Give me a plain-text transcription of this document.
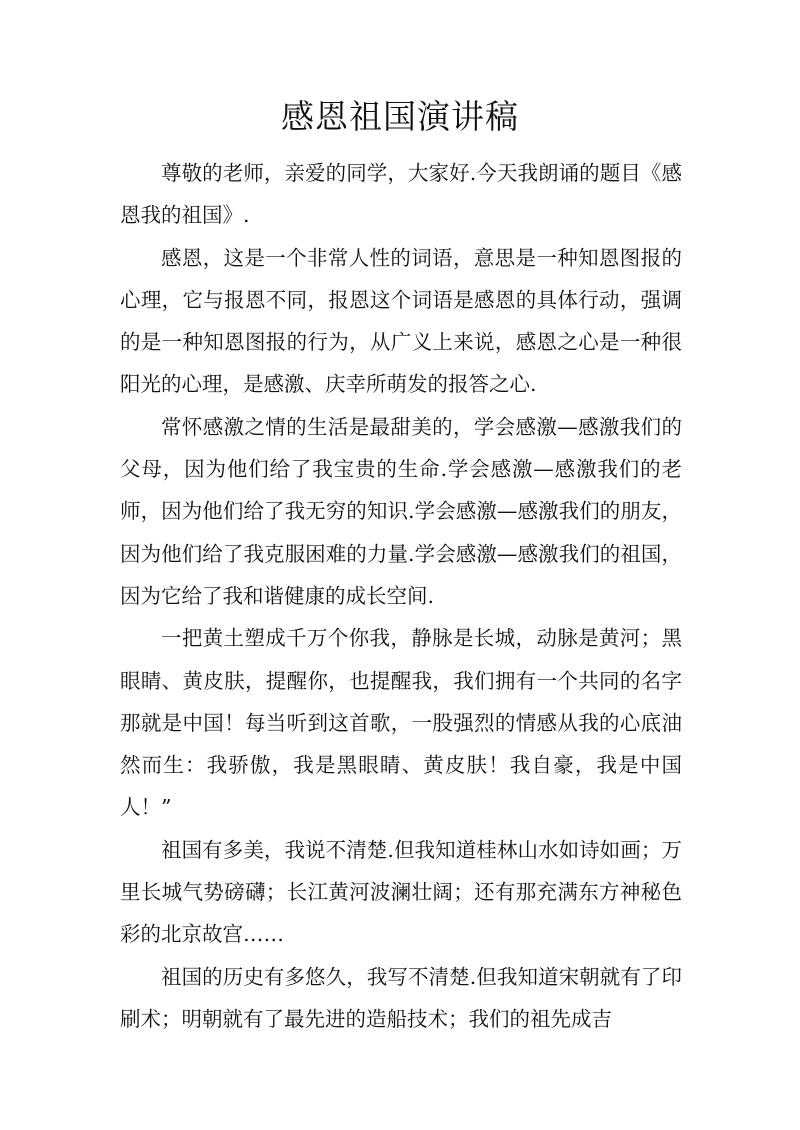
感恩祖国演讲稿

尊敬的老师，亲爱的同学，大家好.今天我朗诵的题目《感恩我的祖国》.

感恩，这是一个非常人性的词语，意思是一种知恩图报的心理，它与报恩不同，报恩这个词语是感恩的具体行动，强调的是一种知恩图报的行为，从广义上来说，感恩之心是一种很阳光的心理，是感激、庆幸所萌发的报答之心.

常怀感激之情的生活是最甜美的，学会感激—感激我们的父母，因为他们给了我宝贵的生命.学会感激—感激我们的老师，因为他们给了我无穷的知识.学会感激—感激我们的朋友，因为他们给了我克服困难的力量.学会感激—感激我们的祖国，因为它给了我和谐健康的成长空间.

一把黄土塑成千万个你我，静脉是长城，动脉是黄河；黑眼睛、黄皮肤，提醒你，也提醒我，我们拥有一个共同的名字那就是中国！每当听到这首歌，一股强烈的情感从我的心底油然而生：我骄傲，我是黑眼睛、黄皮肤！我自豪，我是中国人！”

祖国有多美，我说不清楚.但我知道桂林山水如诗如画；万里长城气势磅礴；长江黄河波澜壮阔；还有那充满东方神秘色彩的北京故宫……

祖国的历史有多悠久，我写不清楚.但我知道宋朝就有了印刷术；明朝就有了最先进的造船技术；我们的祖先成吉
